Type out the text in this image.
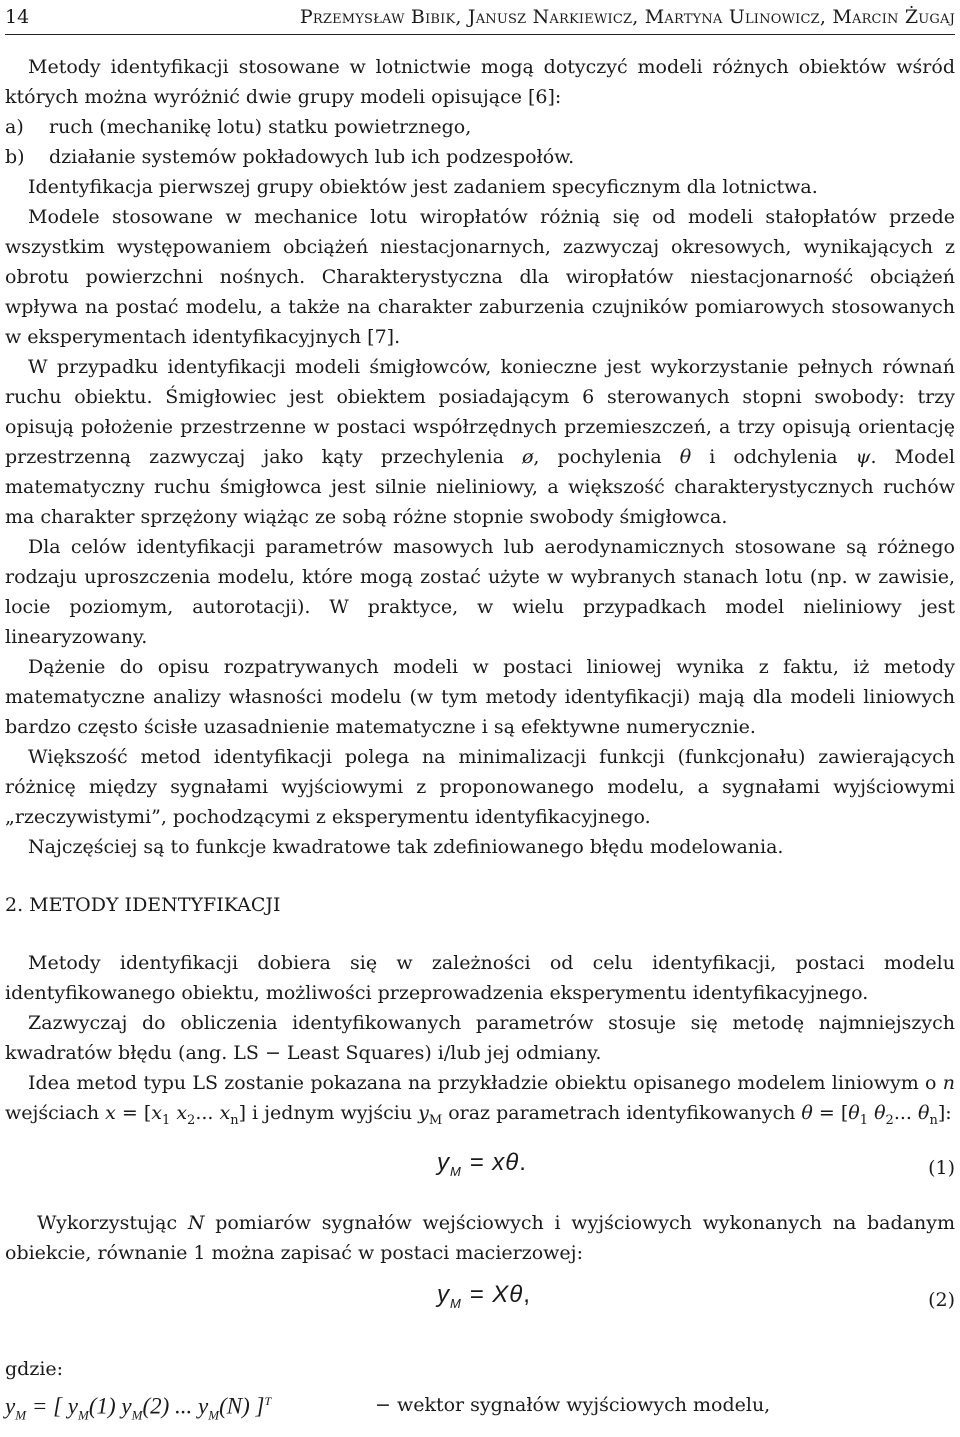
14	Przemysław Bibik, Janusz Narkiewicz, Martyna Ulinowicz, Marcin Żugaj

Metody identyfikacji stosowane w lotnictwie mogą dotyczyć modeli różnych obiektów wśród których można wyróżnić dwie grupy modeli opisujące [6]:

a) ruch (mechanikę lotu) statku powietrznego,
b) działanie systemów pokładowych lub ich podzespołów.

Identyfikacja pierwszej grupy obiektów jest zadaniem specyficznym dla lotnictwa.

Modele stosowane w mechanice lotu wiropłatów różnią się od modeli stałopłatów przede wszystkim występowaniem obciążeń niestacjonarnych, zazwyczaj okresowych, wynikających z obrotu powierzchni nośnych. Charakterystyczna dla wiropłatów niestacjonarność obciążeń wpływa na postać modelu, a także na charakter zaburzenia czujników pomiarowych stosowanych w eksperymentach identyfikacyjnych [7].

W przypadku identyfikacji modeli śmigłowców, konieczne jest wykorzystanie pełnych równań ruchu obiektu. Śmigłowiec jest obiektem posiadającym 6 sterowanych stopni swobody: trzy opisują położenie przestrzenne w postaci współrzędnych przemieszczeń, a trzy opisują orientację przestrzenną zazwyczaj jako kąty przechylenia ø, pochylenia θ i odchylenia ψ. Model matematyczny ruchu śmigłowca jest silnie nieliniowy, a większość charakterystycznych ruchów ma charakter sprzężony wiążąc ze sobą różne stopnie swobody śmigłowca.

Dla celów identyfikacji parametrów masowych lub aerodynamicznych stosowane są różnego rodzaju uproszczenia modelu, które mogą zostać użyte w wybranych stanach lotu (np. w zawisie, locie poziomym, autorotacji). W praktyce, w wielu przypadkach model nieliniowy jest linearyzowany.

Dążenie do opisu rozpatrywanych modeli w postaci liniowej wynika z faktu, iż metody matematyczne analizy własności modelu (w tym metody identyfikacji) mają dla modeli liniowych bardzo często ścisłe uzasadnienie matematyczne i są efektywne numerycznie.

Większość metod identyfikacji polega na minimalizacji funkcji (funkcjonału) zawierających różnicę między sygnałami wyjściowymi z proponowanego modelu, a sygnałami wyjściowymi „rzeczywistymi”, pochodzącymi z eksperymentu identyfikacyjnego.

Najczęściej są to funkcje kwadratowe tak zdefiniowanego błędu modelowania.

2. METODY IDENTYFIKACJI

Metody identyfikacji dobiera się w zależności od celu identyfikacji, postaci modelu identyfikowanego obiektu, możliwości przeprowadzenia eksperymentu identyfikacyjnego.

Zazwyczaj do obliczenia identyfikowanych parametrów stosuje się metodę najmniejszych kwadratów błędu (ang. LS − Least Squares) i/lub jej odmiany.

Idea metod typu LS zostanie pokazana na przykładzie obiektu opisanego modelem liniowym o n wejściach $x = [x_1$ $x_2$... $x_n$] i jednym wyjściu $y_M$ oraz parametrach identyfikowanych $\theta = [\theta_1$ $\theta_2$... $\theta_n$]:

$y_M = x\theta$.	(1)

Wykorzystując N pomiarów sygnałów wejściowych i wyjściowych wykonanych na badanym obiekcie, równanie 1 można zapisać w postaci macierzowej:

$y_M = X\theta$,	(2)

gdzie:

$y_M$ = [ $y_M(1)$ $y_M(2)$ ... $y_M(N)$ ]$^T$	− wektor sygnałów wyjściowych modelu,
